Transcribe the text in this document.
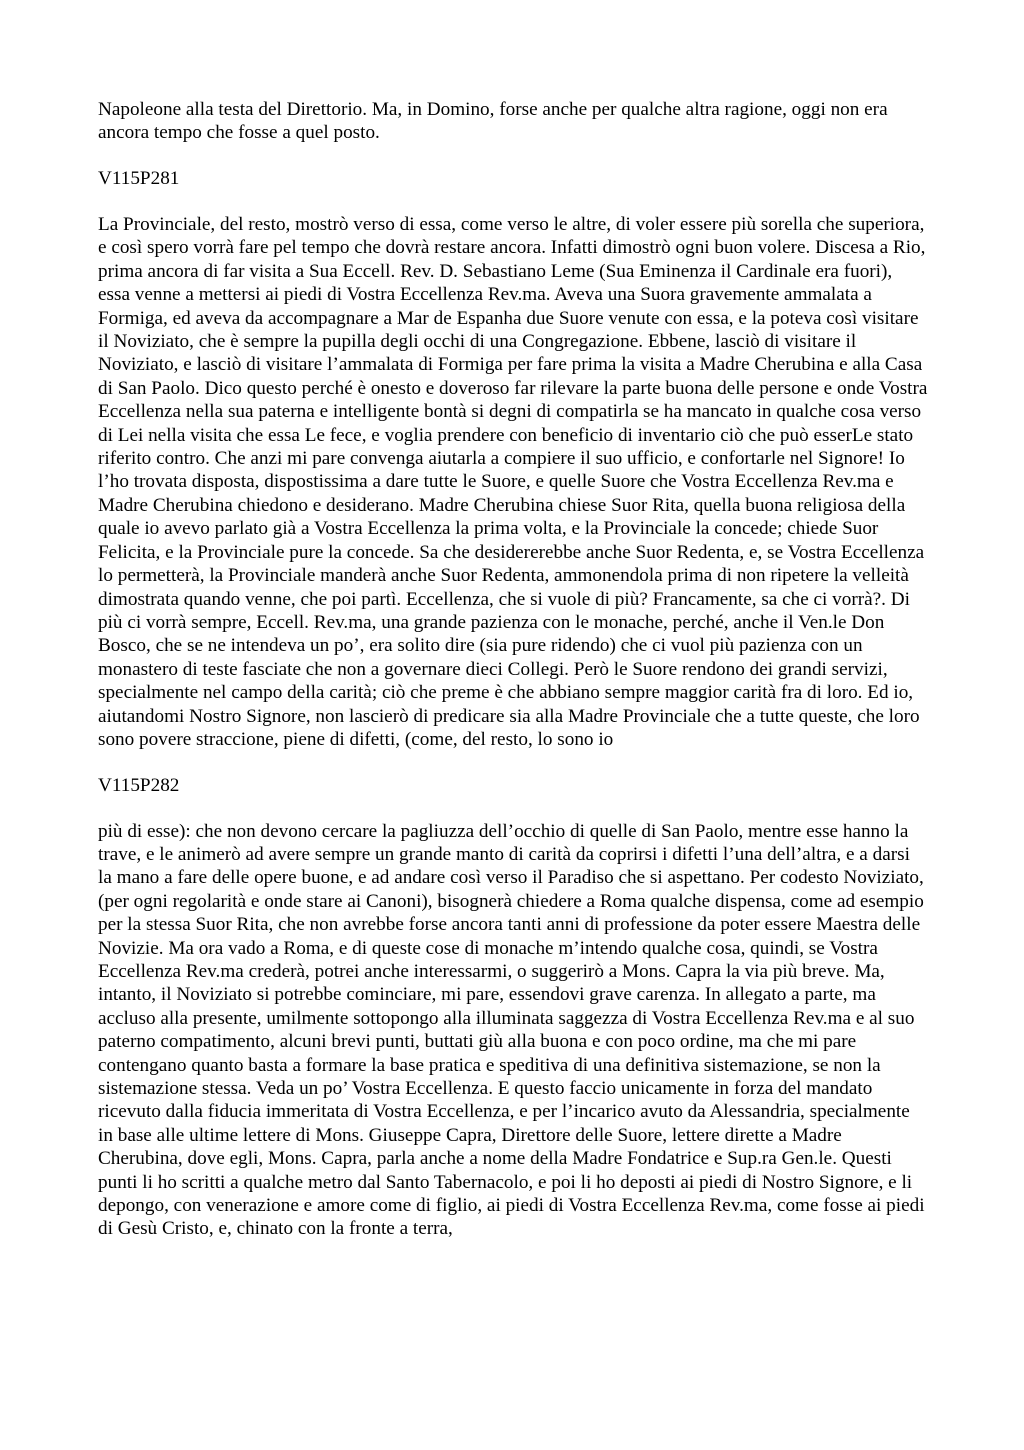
Napoleone alla testa del Direttorio. Ma, in Domino, forse anche per qualche altra ragione, oggi non era ancora tempo che fosse a quel posto.

V115P281

La Provinciale, del resto, mostrò verso di essa, come verso le altre, di voler essere più sorella che superiora, e così spero vorrà fare pel tempo che dovrà restare ancora. Infatti dimostrò ogni buon volere. Discesa a Rio, prima ancora di far visita a Sua Eccell. Rev. D. Sebastiano Leme (Sua Eminenza il Cardinale era fuori), essa venne a mettersi ai piedi di Vostra Eccellenza Rev.ma. Aveva una Suora gravemente ammalata a Formiga, ed aveva da accompagnare a Mar de Espanha due Suore venute con essa, e la poteva così visitare il Noviziato, che è sempre la pupilla degli occhi di una Congregazione. Ebbene, lasciò di visitare il Noviziato, e lasciò di visitare l’ammalata di Formiga per fare prima la visita a Madre Cherubina e alla Casa di San Paolo. Dico questo perché è onesto e doveroso far rilevare la parte buona delle persone e onde Vostra Eccellenza nella sua paterna e intelligente bontà si degni di compatirla se ha mancato in qualche cosa verso di Lei nella visita che essa Le fece, e voglia prendere con beneficio di inventario ciò che può esserLe stato riferito contro. Che anzi mi pare convenga aiutarla a compiere il suo ufficio, e confortarle nel Signore! Io l’ho trovata disposta, dispostissima a dare tutte le Suore, e quelle Suore che Vostra Eccellenza Rev.ma e Madre Cherubina chiedono e desiderano. Madre Cherubina chiese Suor Rita, quella buona religiosa della quale io avevo parlato già a Vostra Eccellenza la prima volta, e la Provinciale la concede; chiede Suor Felicita, e la Provinciale pure la concede. Sa che desidererebbe anche Suor Redenta, e, se Vostra Eccellenza lo permetterà, la Provinciale manderà anche Suor Redenta, ammonendola prima di non ripetere la velleità dimostrata quando venne, che poi partì. Eccellenza, che si vuole di più? Francamente, sa che ci vorrà?. Di più ci vorrà sempre, Eccell. Rev.ma, una grande pazienza con le monache, perché, anche il Ven.le Don Bosco, che se ne intendeva un po’, era solito dire (sia pure ridendo) che ci vuol più pazienza con un monastero di teste fasciate che non a governare dieci Collegi. Però le Suore rendono dei grandi servizi, specialmente nel campo della carità; ciò che preme è che abbiano sempre maggior carità fra di loro. Ed io, aiutandomi Nostro Signore, non lascierò di predicare sia alla Madre Provinciale che a tutte queste, che loro sono povere straccione, piene di difetti, (come, del resto, lo sono io

V115P282

più di esse): che non devono cercare la pagliuzza dell’occhio di quelle di San Paolo, mentre esse hanno la trave, e le animerò ad avere sempre un grande manto di carità da coprirsi i difetti l’una dell’altra, e a darsi la mano a fare delle opere buone, e ad andare così verso il Paradiso che si aspettano. Per codesto Noviziato, (per ogni regolarità e onde stare ai Canoni), bisognerà chiedere a Roma qualche dispensa, come ad esempio per la stessa Suor Rita, che non avrebbe forse ancora tanti anni di professione da poter essere Maestra delle Novizie. Ma ora vado a Roma, e di queste cose di monache m’intendo qualche cosa, quindi, se Vostra Eccellenza Rev.ma crederà, potrei anche interessarmi, o suggerirò a Mons. Capra la via più breve. Ma, intanto, il Noviziato si potrebbe cominciare, mi pare, essendovi grave carenza. In allegato a parte, ma accluso alla presente, umilmente sottopongo alla illuminata saggezza di Vostra Eccellenza Rev.ma e al suo paterno compatimento, alcuni brevi punti, buttati giù alla buona e con poco ordine, ma che mi pare contengano quanto basta a formare la base pratica e speditiva di una definitiva sistemazione, se non la sistemazione stessa. Veda un po’ Vostra Eccellenza. E questo faccio unicamente in forza del mandato ricevuto dalla fiducia immeritata di Vostra Eccellenza, e per l’incarico avuto da Alessandria, specialmente in base alle ultime lettere di Mons. Giuseppe Capra, Direttore delle Suore, lettere dirette a Madre Cherubina, dove egli, Mons. Capra, parla anche a nome della Madre Fondatrice e Sup.ra Gen.le. Questi punti li ho scritti a qualche metro dal Santo Tabernacolo, e poi li ho deposti ai piedi di Nostro Signore, e li depongo, con venerazione e amore come di figlio, ai piedi di Vostra Eccellenza Rev.ma, come fosse ai piedi di Gesù Cristo, e, chinato con la fronte a terra,
